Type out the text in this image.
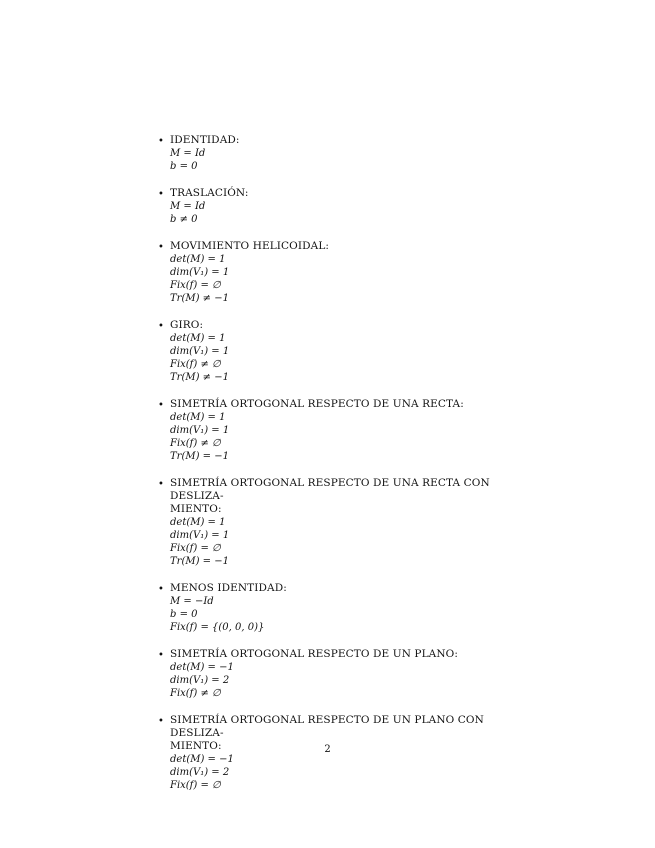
• IDENTIDAD:
M = Id
b = 0
• TRASLACIÓN:
M = Id
b ≠ 0
• MOVIMIENTO HELICOIDAL:
det(M) = 1
dim(V₁) = 1
Fix(f) = ∅
Tr(M) ≠ −1
• GIRO:
det(M) = 1
dim(V₁) = 1
Fix(f) ≠ ∅
Tr(M) ≠ −1
• SIMETRÍA ORTOGONAL RESPECTO DE UNA RECTA:
det(M) = 1
dim(V₁) = 1
Fix(f) ≠ ∅
Tr(M) = −1
• SIMETRÍA ORTOGONAL RESPECTO DE UNA RECTA CON DESLIZA-
MIENTO:
det(M) = 1
dim(V₁) = 1
Fix(f) = ∅
Tr(M) = −1
• MENOS IDENTIDAD:
M = −Id
b = 0
Fix(f) = {(0, 0, 0)}
• SIMETRÍA ORTOGONAL RESPECTO DE UN PLANO:
det(M) = −1
dim(V₁) = 2
Fix(f) ≠ ∅
• SIMETRÍA ORTOGONAL RESPECTO DE UN PLANO CON DESLIZA-
MIENTO:
det(M) = −1
dim(V₁) = 2
Fix(f) = ∅
2
